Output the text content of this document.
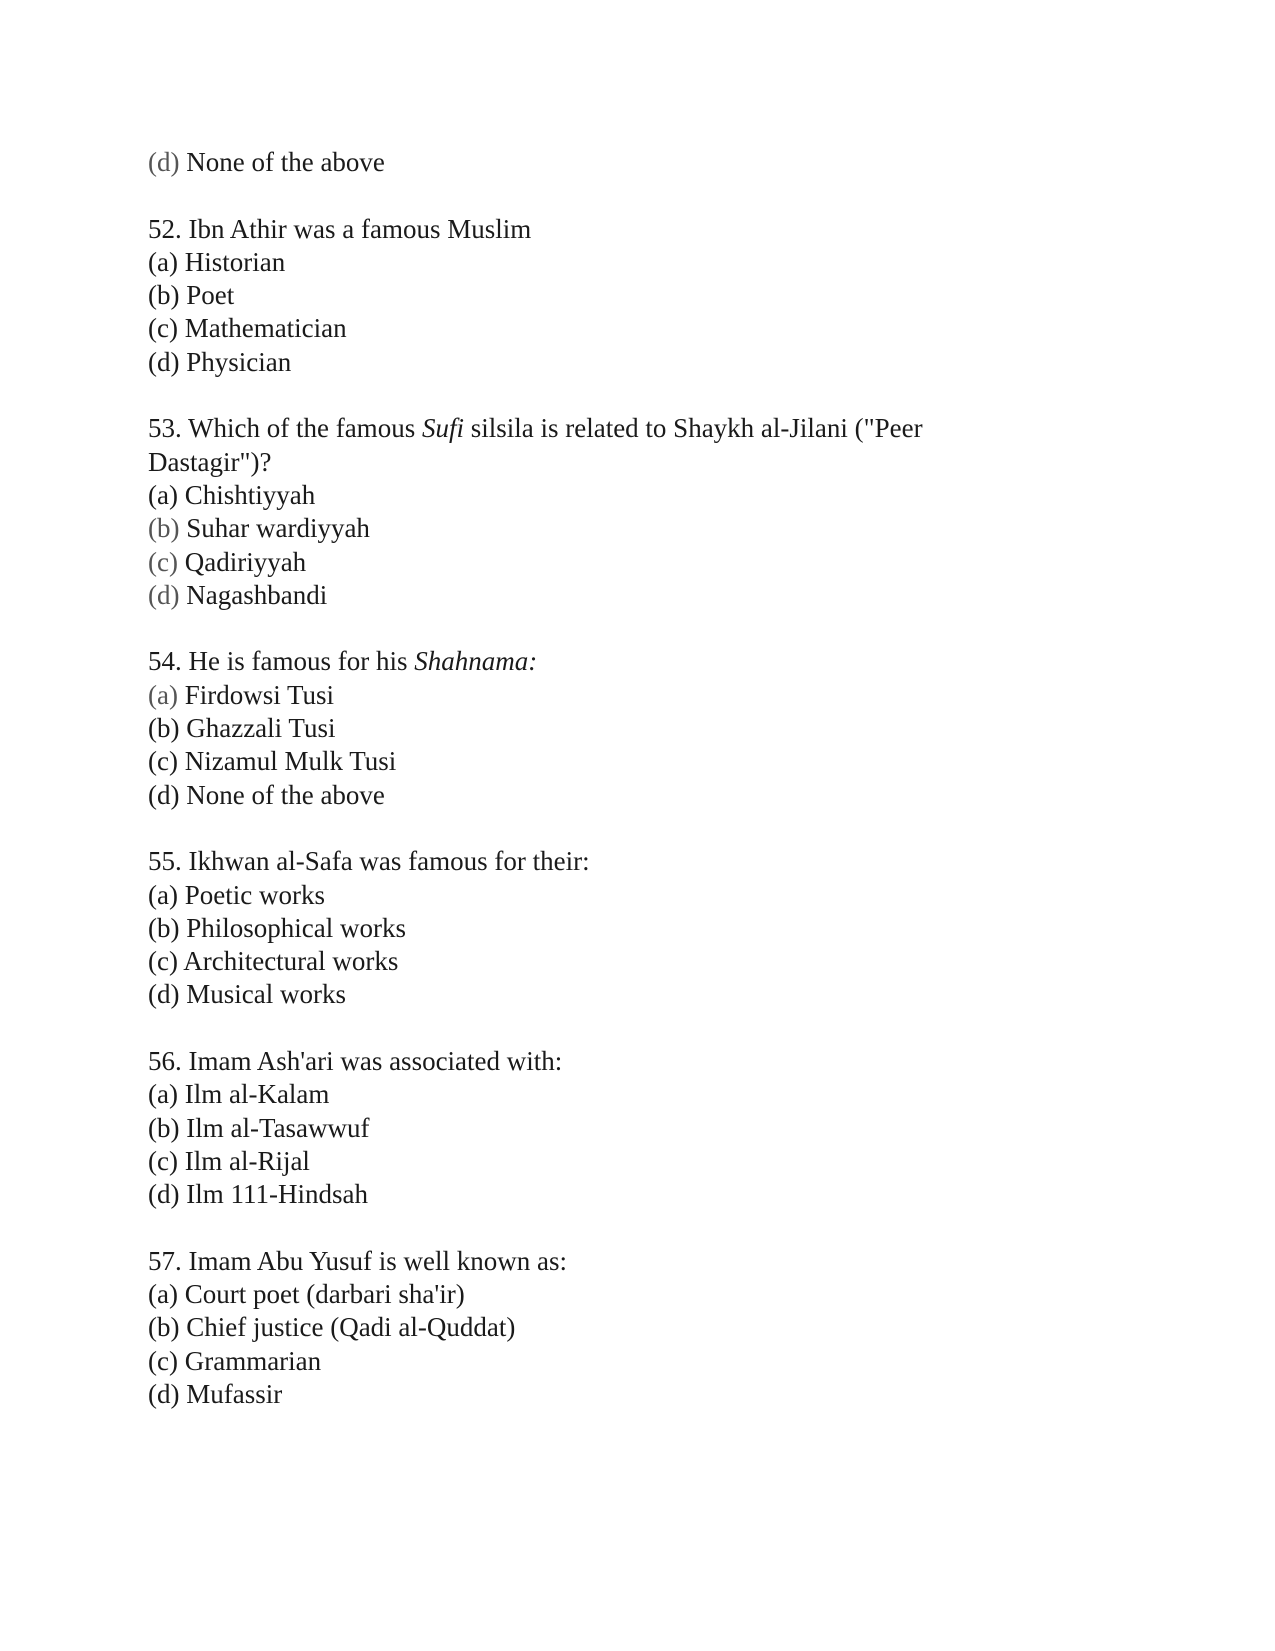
(d) None of the above
52. Ibn Athir was a famous Muslim
(a) Historian
(b) Poet
(c) Mathematician
(d) Physician
53. Which of the famous Sufi silsila is related to Shaykh al-Jilani ("Peer Dastagir")?
(a) Chishtiyyah
(b) Suhar wardiyyah
(c) Qadiriyyah
(d) Nagashbandi
54. He is famous for his Shahnama:
(a) Firdowsi Tusi
(b) Ghazzali Tusi
(c) Nizamul Mulk Tusi
(d) None of the above
55. Ikhwan al-Safa was famous for their:
(a) Poetic works
(b) Philosophical works
(c) Architectural works
(d) Musical works
56. Imam Ash'ari was associated with:
(a) Ilm al-Kalam
(b) Ilm al-Tasawwuf
(c) Ilm al-Rijal
(d) Ilm 111-Hindsah
57. Imam Abu Yusuf is well known as:
(a) Court poet (darbari sha'ir)
(b) Chief justice (Qadi al-Quddat)
(c) Grammarian
(d) Mufassir
